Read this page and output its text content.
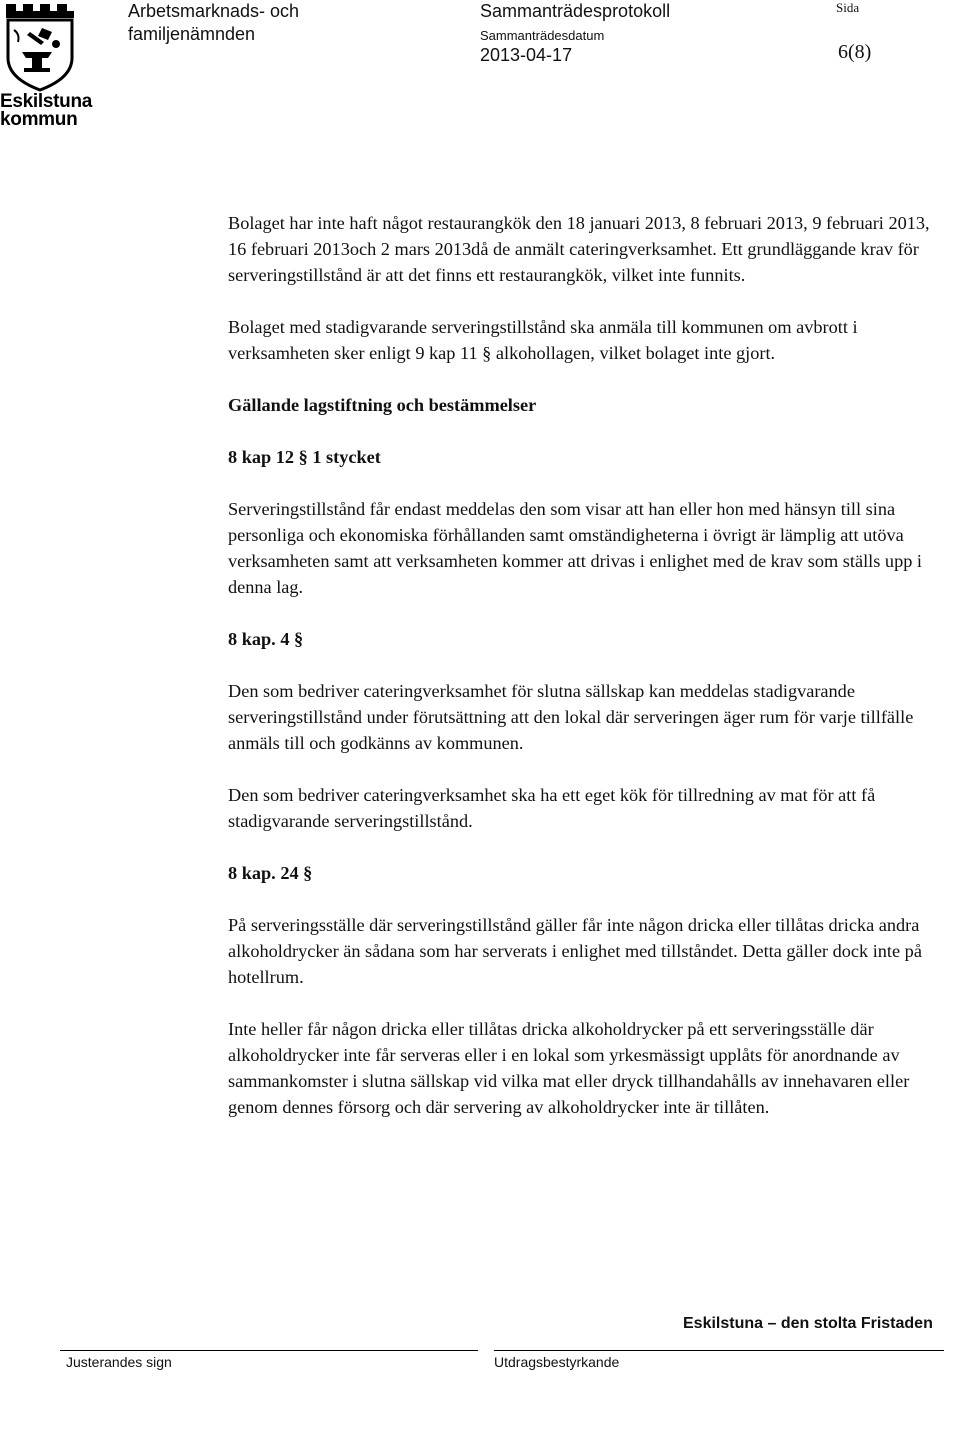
Eskilstuna
kommun
Arbetsmarknads- och
familjenämnden
Sammanträdesprotokoll
Sammanträdesdatum
2013-04-17
Sida
6(8)

Bolaget har inte haft något restaurangkök den 18 januari 2013, 8 februari 2013, 9 februari 2013, 16 februari 2013och 2 mars 2013då de anmält cateringverksamhet. Ett grundläggande krav för serveringstillstånd är att det finns ett restaurangkök, vilket inte funnits.

Bolaget med stadigvarande serveringstillstånd ska anmäla till kommunen om avbrott i verksamheten sker enligt 9 kap 11 § alkohollagen, vilket bolaget inte gjort.

Gällande lagstiftning och bestämmelser
8 kap 12 § 1 stycket

Serveringstillstånd får endast meddelas den som visar att han eller hon med hänsyn till sina personliga och ekonomiska förhållanden samt omständigheterna i övrigt är lämplig att utöva verksamheten samt att verksamheten kommer att drivas i enlighet med de krav som ställs upp i denna lag.

8 kap. 4 §

Den som bedriver cateringverksamhet för slutna sällskap kan meddelas stadigvarande serveringstillstånd under förutsättning att den lokal där serveringen äger rum för varje tillfälle anmäls till och godkänns av kommunen.

Den som bedriver cateringverksamhet ska ha ett eget kök för tillredning av mat för att få stadigvarande serveringstillstånd.

8 kap. 24 §

På serveringsställe där serveringstillstånd gäller får inte någon dricka eller tillåtas dricka andra alkoholdrycker än sådana som har serverats i enlighet med tillståndet. Detta gäller dock inte på hotellrum.

Inte heller får någon dricka eller tillåtas dricka alkoholdrycker på ett serveringsställe där alkoholdrycker inte får serveras eller i en lokal som yrkesmässigt upplåts för anordnande av sammankomster i slutna sällskap vid vilka mat eller dryck tillhandahålls av innehavaren eller genom dennes försorg och där servering av alkoholdrycker inte är tillåten.

Eskilstuna – den stolta Fristaden
Justerandes sign	Utdragsbestyrkande
